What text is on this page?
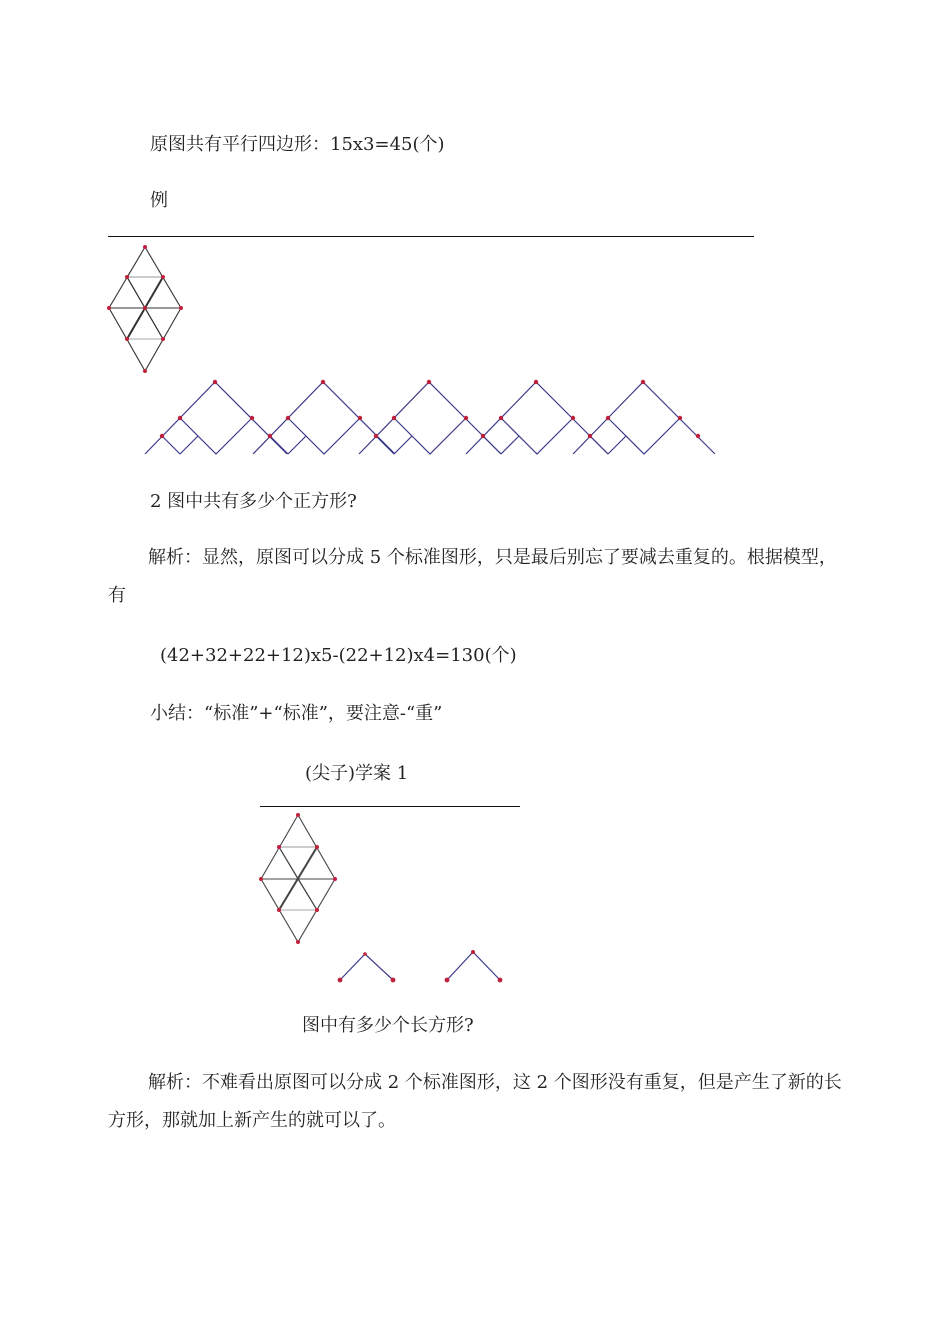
原图共有平行四边形：15x3=45(个)
例
2 图中共有多少个正方形?
解析：显然，原图可以分成 5 个标准图形，只是最后别忘了要减去重复的。根据模型，有
(42+32+22+12)x5-(22+12)x4=130(个)
小结：“标准”+“标准”，要注意-“重”
(尖子)学案 1
图中有多少个长方形?
解析：不难看出原图可以分成 2 个标准图形，这 2 个图形没有重复，但是产生了新的长方形，那就加上新产生的就可以了。
